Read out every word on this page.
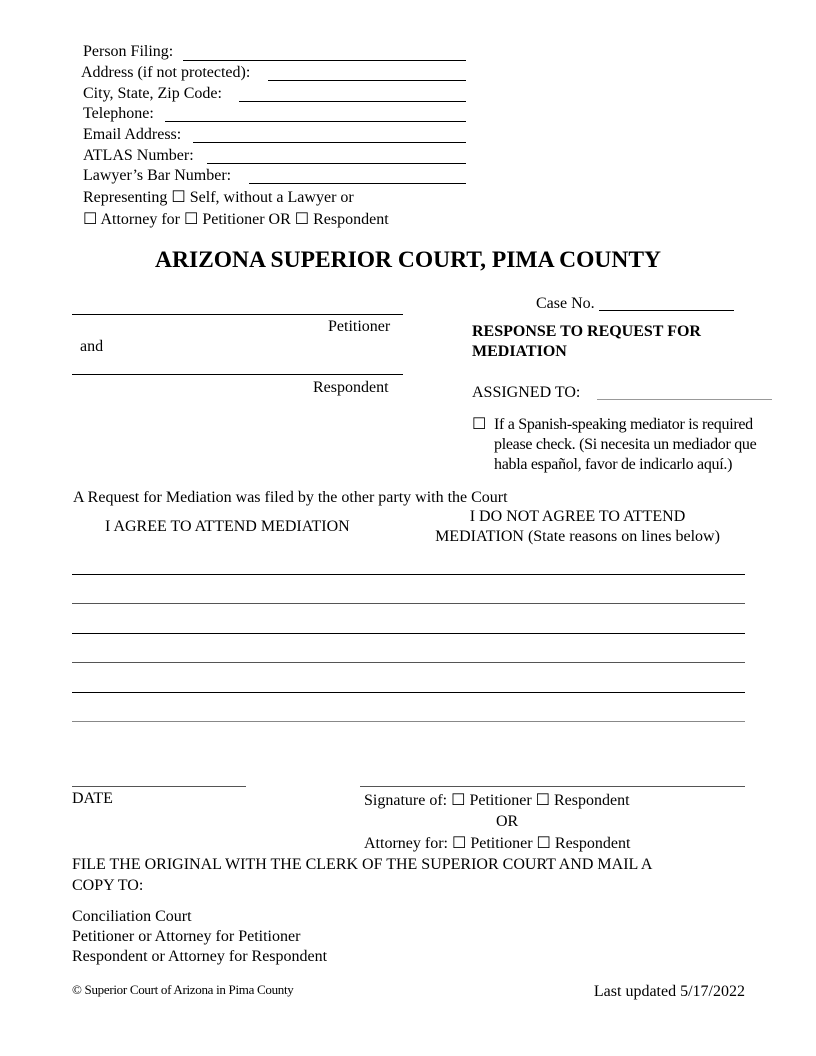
Person Filing:
Address (if not protected):
City, State, Zip Code:
Telephone:
Email Address:
ATLAS Number:
Lawyer’s Bar Number:
Representing ☐ Self, without a Lawyer or
☐ Attorney for ☐ Petitioner OR ☐ Respondent
ARIZONA SUPERIOR COURT, PIMA COUNTY
Petitioner
and
Respondent
Case No.
RESPONSE TO REQUEST FOR
MEDIATION
ASSIGNED TO:
☐ If a Spanish-speaking mediator is required
please check. (Si necesita un mediador que
habla español, favor de indicarlo aquí.)
A Request for Mediation was filed by the other party with the Court
I AGREE TO ATTEND MEDIATION
I DO NOT AGREE TO ATTEND
MEDIATION (State reasons on lines below)
DATE	Signature of: ☐ Petitioner ☐ Respondent
OR
Attorney for: ☐ Petitioner ☐ Respondent
FILE THE ORIGINAL WITH THE CLERK OF THE SUPERIOR COURT AND MAIL A
COPY TO:
Conciliation Court
Petitioner or Attorney for Petitioner
Respondent or Attorney for Respondent
© Superior Court of Arizona in Pima County	Last updated 5/17/2022
